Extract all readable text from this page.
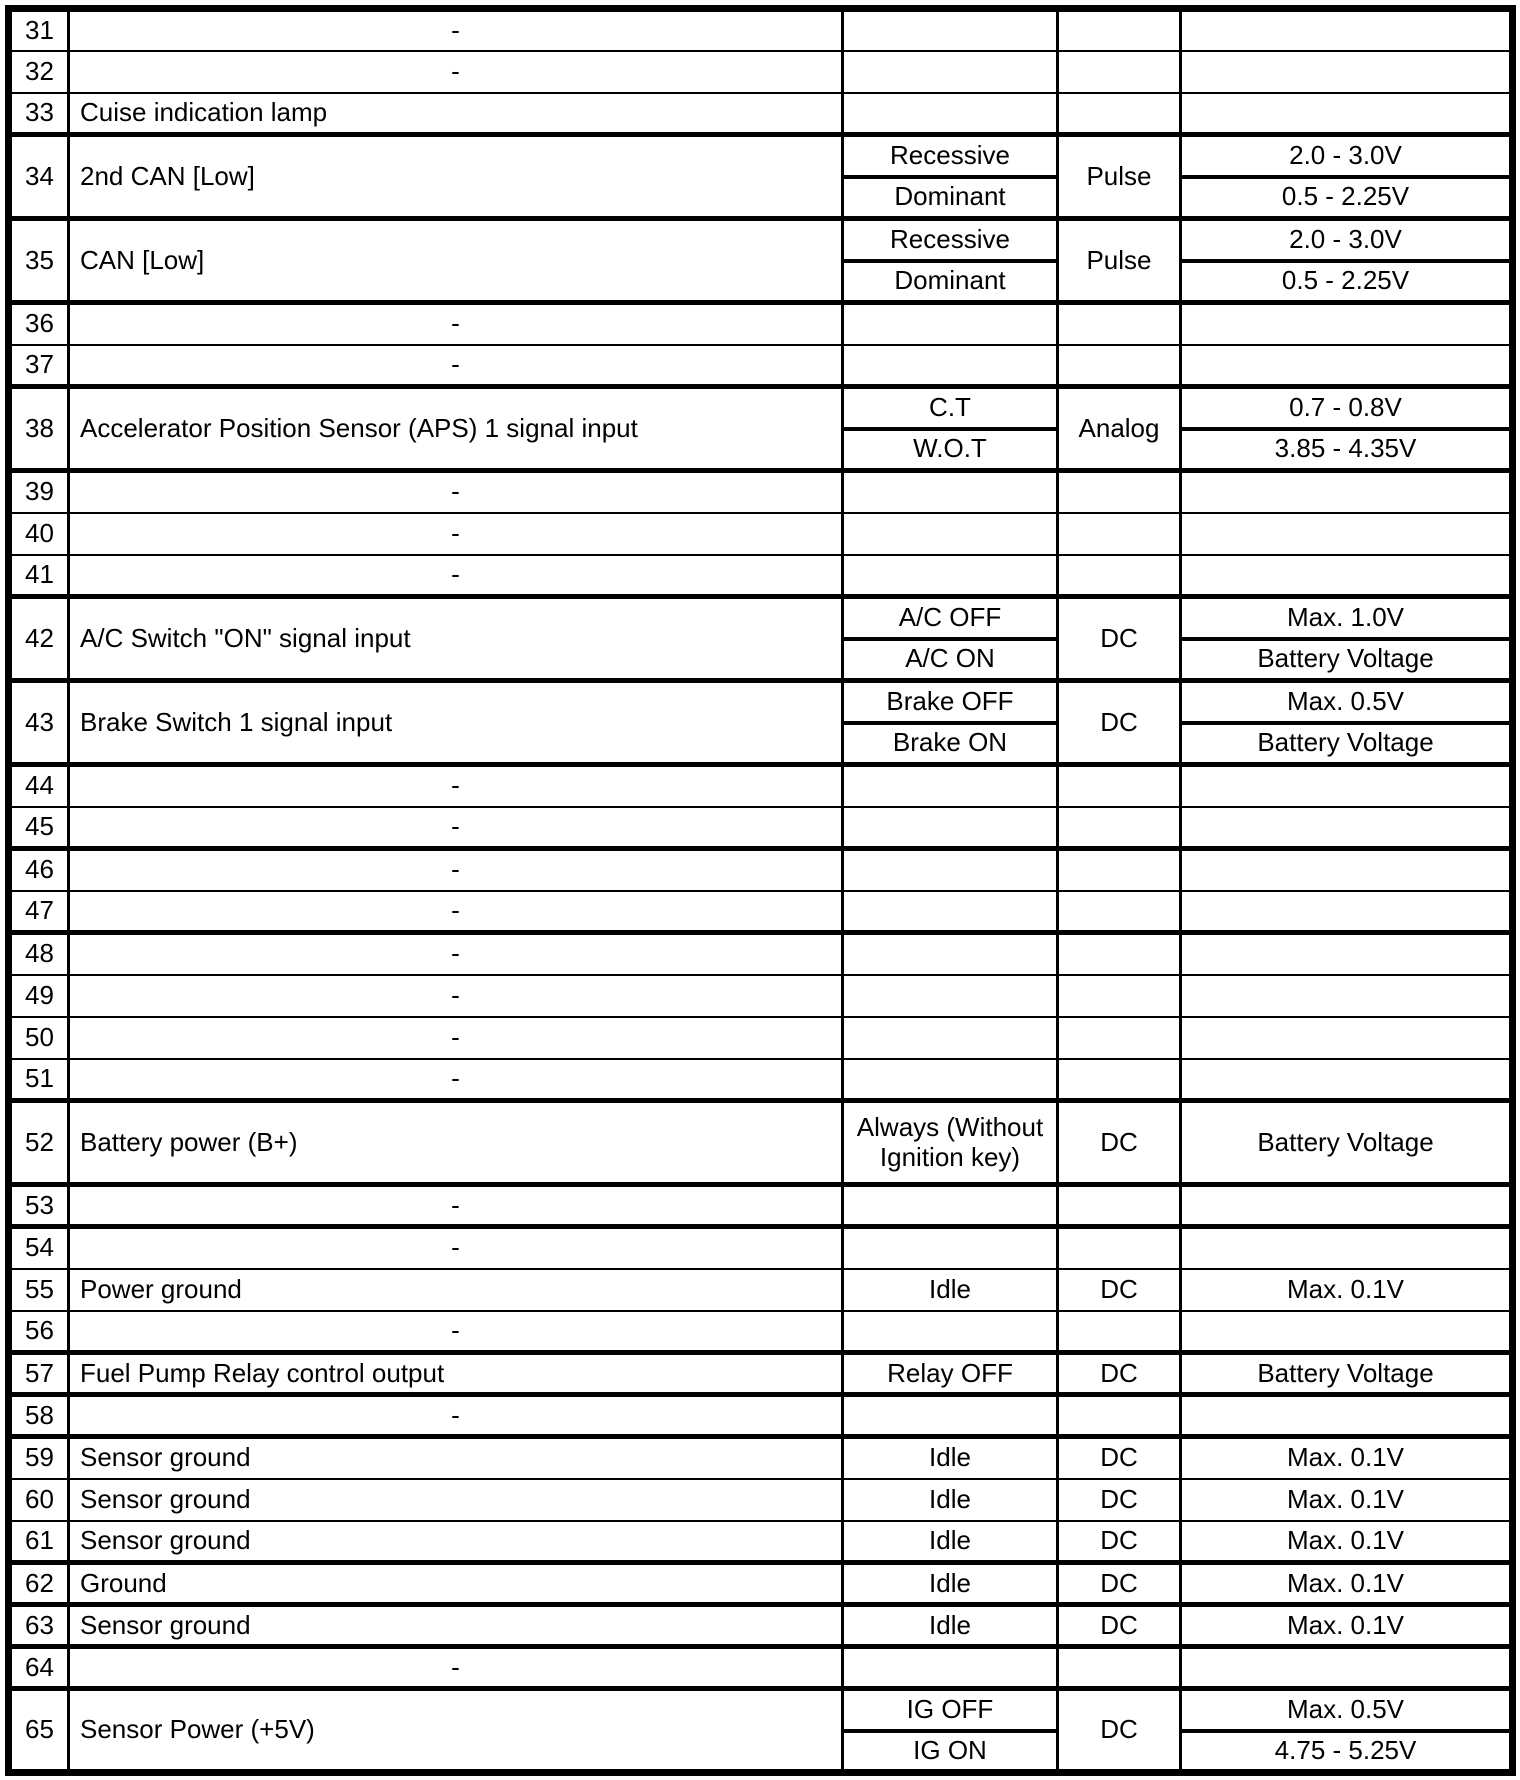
31	-			
32	-			
33	Cuise indication lamp			
34	2nd CAN [Low]	Recessive	Pulse	2.0 - 3.0V
		Dominant		0.5 - 2.25V
35	CAN [Low]	Recessive	Pulse	2.0 - 3.0V
		Dominant		0.5 - 2.25V
36	-			
37	-			
38	Accelerator Position Sensor (APS) 1 signal input	C.T	Analog	0.7 - 0.8V
		W.O.T		3.85 - 4.35V
39	-			
40	-			
41	-			
42	A/C Switch "ON" signal input	A/C OFF	DC	Max. 1.0V
		A/C ON		Battery Voltage
43	Brake Switch 1 signal input	Brake OFF	DC	Max. 0.5V
		Brake ON		Battery Voltage
44	-			
45	-			
46	-			
47	-			
48	-			
49	-			
50	-			
51	-			
52	Battery power (B+)	Always (Without Ignition key)	DC	Battery Voltage
53	-			
54	-			
55	Power ground	Idle	DC	Max. 0.1V
56	-			
57	Fuel Pump Relay control output	Relay OFF	DC	Battery Voltage
58	-			
59	Sensor ground	Idle	DC	Max. 0.1V
60	Sensor ground	Idle	DC	Max. 0.1V
61	Sensor ground	Idle	DC	Max. 0.1V
62	Ground	Idle	DC	Max. 0.1V
63	Sensor ground	Idle	DC	Max. 0.1V
64	-			
65	Sensor Power (+5V)	IG OFF	DC	Max. 0.5V
		IG ON		4.75 - 5.25V
